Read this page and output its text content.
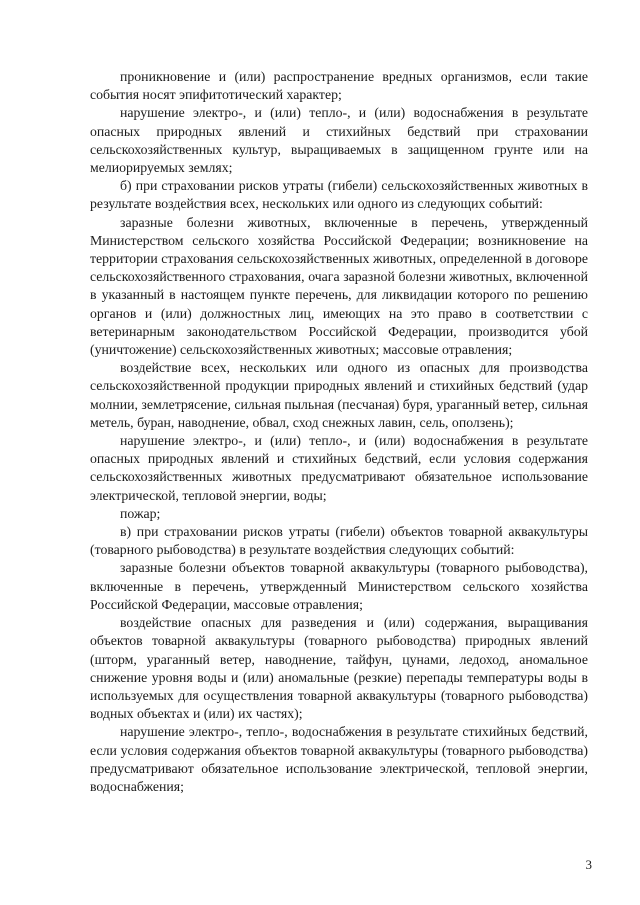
проникновение и (или) распространение вредных организмов, если такие события носят эпифитотический характер;

нарушение электро-, и (или) тепло-, и (или) водоснабжения в результате опасных природных явлений и стихийных бедствий при страховании сельскохозяйственных культур, выращиваемых в защищенном грунте или на мелиорируемых землях;

б) при страховании рисков утраты (гибели) сельскохозяйственных животных в результате воздействия всех, нескольких или одного из следующих событий:

заразные болезни животных, включенные в перечень, утвержденный Министерством сельского хозяйства Российской Федерации; возникновение на территории страхования сельскохозяйственных животных, определенной в договоре сельскохозяйственного страхования, очага заразной болезни животных, включенной в указанный в настоящем пункте перечень, для ликвидации которого по решению органов и (или) должностных лиц, имеющих на это право в соответствии с ветеринарным законодательством Российской Федерации, производится убой (уничтожение) сельскохозяйственных животных; массовые отравления;

воздействие всех, нескольких или одного из опасных для производства сельскохозяйственной продукции природных явлений и стихийных бедствий (удар молнии, землетрясение, сильная пыльная (песчаная) буря, ураганный ветер, сильная метель, буран, наводнение, обвал, сход снежных лавин, сель, оползень);

нарушение электро-, и (или) тепло-, и (или) водоснабжения в результате опасных природных явлений и стихийных бедствий, если условия содержания сельскохозяйственных животных предусматривают обязательное использование электрической, тепловой энергии, воды;

пожар;

в) при страховании рисков утраты (гибели) объектов товарной аквакультуры (товарного рыбоводства) в результате воздействия следующих событий:

заразные болезни объектов товарной аквакультуры (товарного рыбоводства), включенные в перечень, утвержденный Министерством сельского хозяйства Российской Федерации, массовые отравления;

воздействие опасных для разведения и (или) содержания, выращивания объектов товарной аквакультуры (товарного рыбоводства) природных явлений (шторм, ураганный ветер, наводнение, тайфун, цунами, ледоход, аномальное снижение уровня воды и (или) аномальные (резкие) перепады температуры воды в используемых для осуществления товарной аквакультуры (товарного рыбоводства) водных объектах и (или) их частях);

нарушение электро-, тепло-, водоснабжения в результате стихийных бедствий, если условия содержания объектов товарной аквакультуры (товарного рыбоводства) предусматривают обязательное использование электрической, тепловой энергии, водоснабжения;

3
